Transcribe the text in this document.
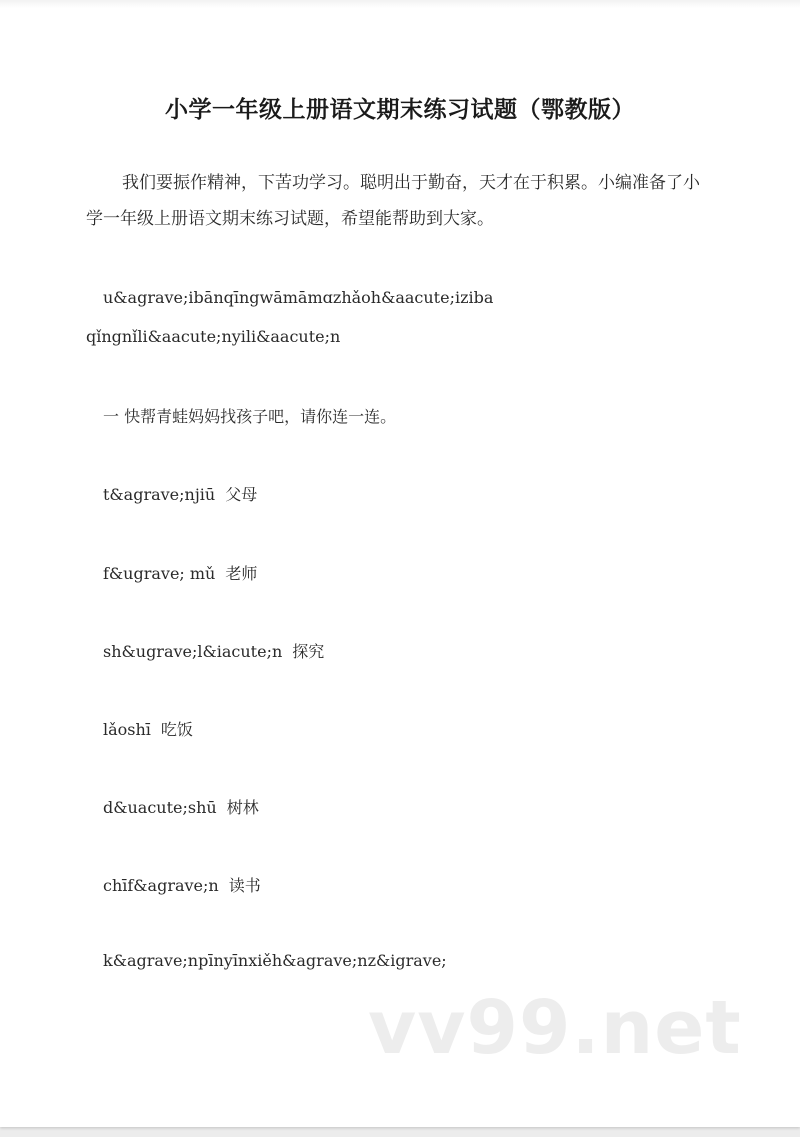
小学一年级上册语文期末练习试题（鄂教版）

我们要振作精神，下苦功学习。聪明出于勤奋，天才在于积累。小编准备了小学一年级上册语文期末练习试题，希望能帮助到大家。

u&agrave;ibānqīngwāmāmɑzhǎoh&aacute;iziba

qǐngnǐli&aacute;nyili&aacute;n

一 快帮青蛙妈妈找孩子吧，请你连一连。

t&agrave;njiū 父母

f&ugrave; mǔ 老师

sh&ugrave;l&iacute;n 探究

lǎoshī 吃饭

d&uacute;shū 树林

chīf&agrave;n 读书

k&agrave;npīnyīnxiěh&agrave;nz&igrave;

vv99.net
